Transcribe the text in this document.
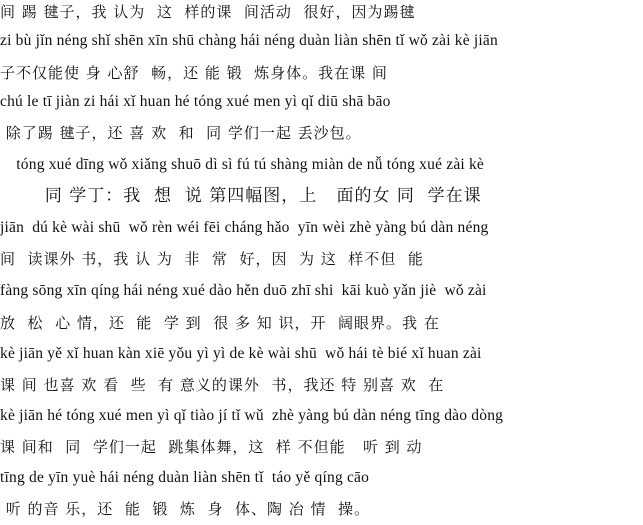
间 踢 毽子，我 认为  这  样的课  间活动  很好，因为踢毽
zi bù jǐn néng shǐ shēn xīn shū chàng hái néng duàn liàn shēn tǐ wǒ zài kè jiān
子不仅能使 身 心舒  畅，还 能 锻  炼身体。我在课 间
chú le tī jiàn zi hái xǐ huan hé tóng xué men yì qǐ diū shā bāo
除了踢 毽子，还 喜 欢  和  同 学们一起 丢沙包。
tóng xué dīng wǒ xiǎng shuō dì sì fú tú shàng miàn de nǚ tóng xué zài kè
同 学丁：我  想  说 第四幅图，上   面的女 同  学在课
jiān  dú kè wài shū  wǒ rèn wéi fēi cháng hǎo  yīn wèi zhè yàng bú dàn néng
间  读课外 书，我 认 为  非  常  好，因  为 这  样不但  能
fàng sōng xīn qíng hái néng xué dào hěn duō zhī shi  kāi kuò yǎn jiè  wǒ zài
放  松  心 情，还  能  学 到  很 多 知 识，开  阔眼界。我 在
kè jiān yě xǐ huan kàn xiē yǒu yì yì de kè wài shū  wǒ hái tè bié xǐ huan zài
课 间 也喜 欢 看  些  有 意义的课外  书，我还 特 别喜 欢  在
kè jiān hé tóng xué men yì qǐ tiào jí tǐ wǔ  zhè yàng bú dàn néng tīng dào dòng
课 间和  同  学们一起  跳集体舞，这  样 不但能   听 到 动
tīng de yīn yuè hái néng duàn liàn shēn tǐ  táo yě qíng cāo
听 的音 乐，还  能  锻  炼  身  体、陶 冶 情  操。
